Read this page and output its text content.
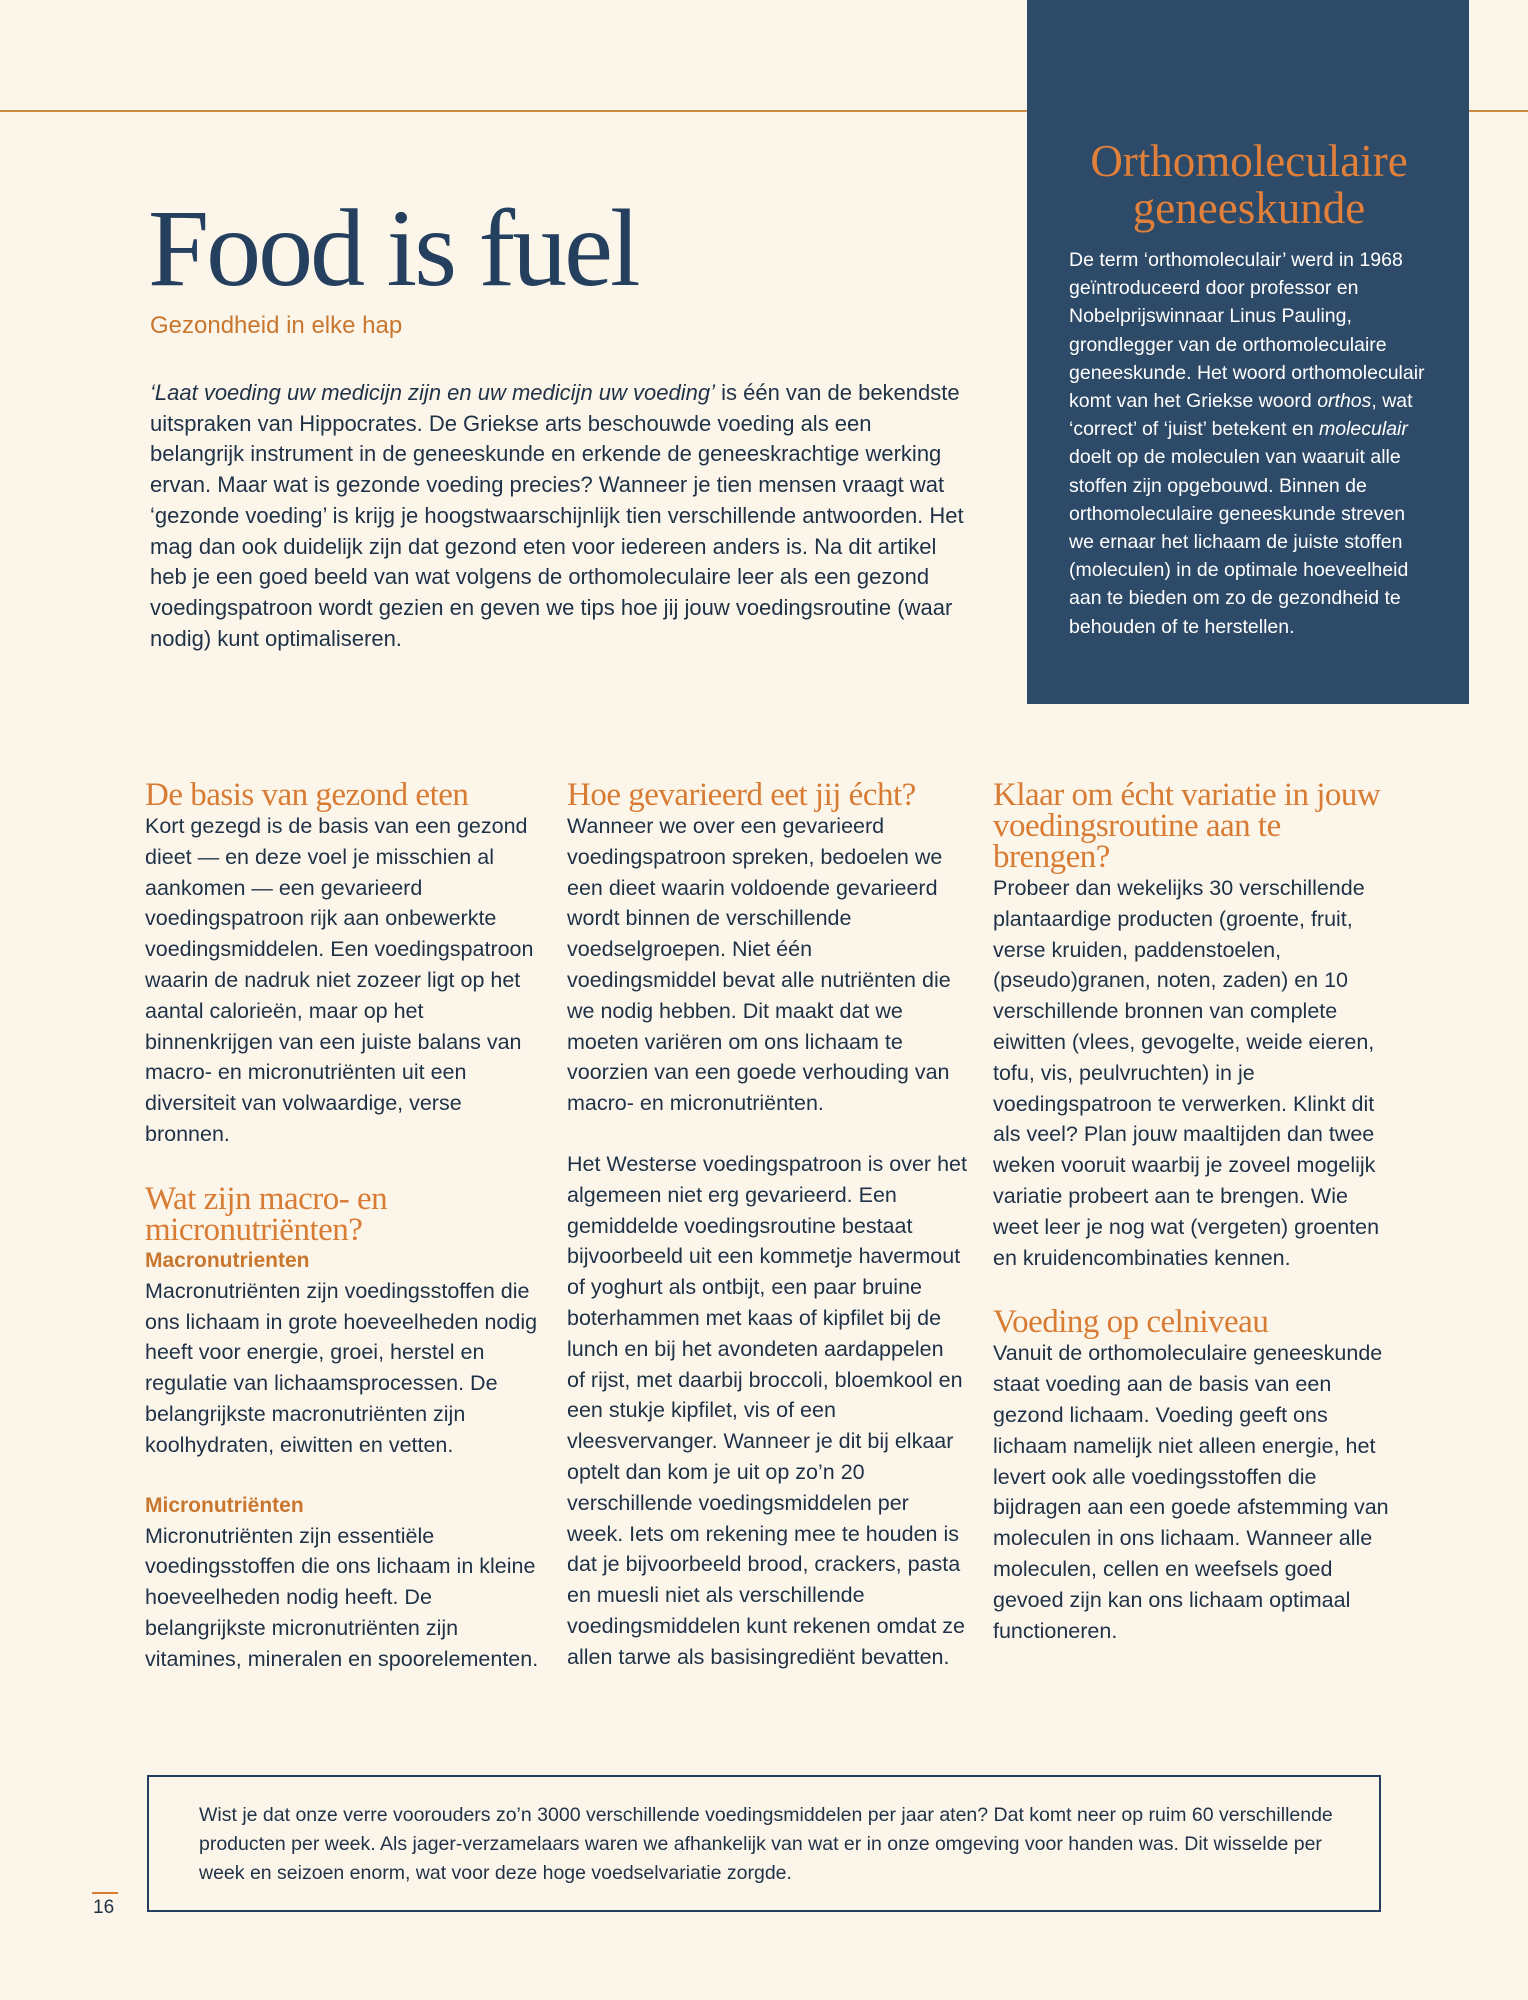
Orthomoleculaire geneeskunde

De term ‘orthomoleculair’ werd in 1968 geïntroduceerd door professor en Nobelprijswinnaar Linus Pauling, grondlegger van de orthomoleculaire geneeskunde. Het woord orthomoleculair komt van het Griekse woord orthos, wat ‘correct’ of ‘juist’ betekent en moleculair doelt op de moleculen van waaruit alle stoffen zijn opgebouwd. Binnen de orthomoleculaire geneeskunde streven we ernaar het lichaam de juiste stoffen (moleculen) in de optimale hoeveelheid aan te bieden om zo de gezondheid te behouden of te herstellen.

Food is fuel
Gezondheid in elke hap

‘Laat voeding uw medicijn zijn en uw medicijn uw voeding’ is één van de bekendste uitspraken van Hippocrates. De Griekse arts beschouwde voeding als een belangrijk instrument in de geneeskunde en erkende de geneeskrachtige werking ervan. Maar wat is gezonde voeding precies? Wanneer je tien mensen vraagt wat ‘gezonde voeding’ is krijg je hoogstwaarschijnlijk tien verschillende antwoorden. Het mag dan ook duidelijk zijn dat gezond eten voor iedereen anders is. Na dit artikel heb je een goed beeld van wat volgens de orthomoleculaire leer als een gezond voedingspatroon wordt gezien en geven we tips hoe jij jouw voedingsroutine (waar nodig) kunt optimaliseren.

De basis van gezond eten

Kort gezegd is de basis van een gezond dieet — en deze voel je misschien al aankomen — een gevarieerd voedingspatroon rijk aan onbewerkte voedingsmiddelen. Een voedingspatroon waarin de nadruk niet zozeer ligt op het aantal calorieën, maar op het binnenkrijgen van een juiste balans van macro- en micronutriënten uit een diversiteit van volwaardige, verse bronnen.

Wat zijn macro- en micronutriënten?
Macronutrienten

Macronutriënten zijn voedingsstoffen die ons lichaam in grote hoeveelheden nodig heeft voor energie, groei, herstel en regulatie van lichaamsprocessen. De belangrijkste macronutriënten zijn koolhydraten, eiwitten en vetten.

Micronutriënten

Micronutriënten zijn essentiële voedingsstoffen die ons lichaam in kleine hoeveelheden nodig heeft. De belangrijkste micronutriënten zijn vitamines, mineralen en spoorelementen.

Hoe gevarieerd eet jij écht?

Wanneer we over een gevarieerd voedingspatroon spreken, bedoelen we een dieet waarin voldoende gevarieerd wordt binnen de verschillende voedselgroepen. Niet één voedingsmiddel bevat alle nutriënten die we nodig hebben. Dit maakt dat we moeten variëren om ons lichaam te voorzien van een goede verhouding van macro- en micronutriënten.

Het Westerse voedingspatroon is over het algemeen niet erg gevarieerd. Een gemiddelde voedingsroutine bestaat bijvoorbeeld uit een kommetje havermout of yoghurt als ontbijt, een paar bruine boterhammen met kaas of kipfilet bij de lunch en bij het avondeten aardappelen of rijst, met daarbij broccoli, bloemkool en een stukje kipfilet, vis of een vleesvervanger. Wanneer je dit bij elkaar optelt dan kom je uit op zo’n 20 verschillende voedingsmiddelen per week. Iets om rekening mee te houden is dat je bijvoorbeeld brood, crackers, pasta en muesli niet als verschillende voedingsmiddelen kunt rekenen omdat ze allen tarwe als basisingrediënt bevatten.

Klaar om écht variatie in jouw voedingsroutine aan te brengen?

Probeer dan wekelijks 30 verschillende plantaardige producten (groente, fruit, verse kruiden, paddenstoelen, (pseudo)granen, noten, zaden) en 10 verschillende bronnen van complete eiwitten (vlees, gevogelte, weide eieren, tofu, vis, peulvruchten) in je voedingspatroon te verwerken. Klinkt dit als veel? Plan jouw maaltijden dan twee weken vooruit waarbij je zoveel mogelijk variatie probeert aan te brengen. Wie weet leer je nog wat (vergeten) groenten en kruidencombinaties kennen.

Voeding op celniveau

Vanuit de orthomoleculaire geneeskunde staat voeding aan de basis van een gezond lichaam. Voeding geeft ons lichaam namelijk niet alleen energie, het levert ook alle voedingsstoffen die bijdragen aan een goede afstemming van moleculen in ons lichaam. Wanneer alle moleculen, cellen en weefsels goed gevoed zijn kan ons lichaam optimaal functioneren.

Wist je dat onze verre voorouders zo’n 3000 verschillende voedingsmiddelen per jaar aten? Dat komt neer op ruim 60 verschillende producten per week. Als jager-verzamelaars waren we afhankelijk van wat er in onze omgeving voor handen was. Dit wisselde per week en seizoen enorm, wat voor deze hoge voedselvariatie zorgde.

16
